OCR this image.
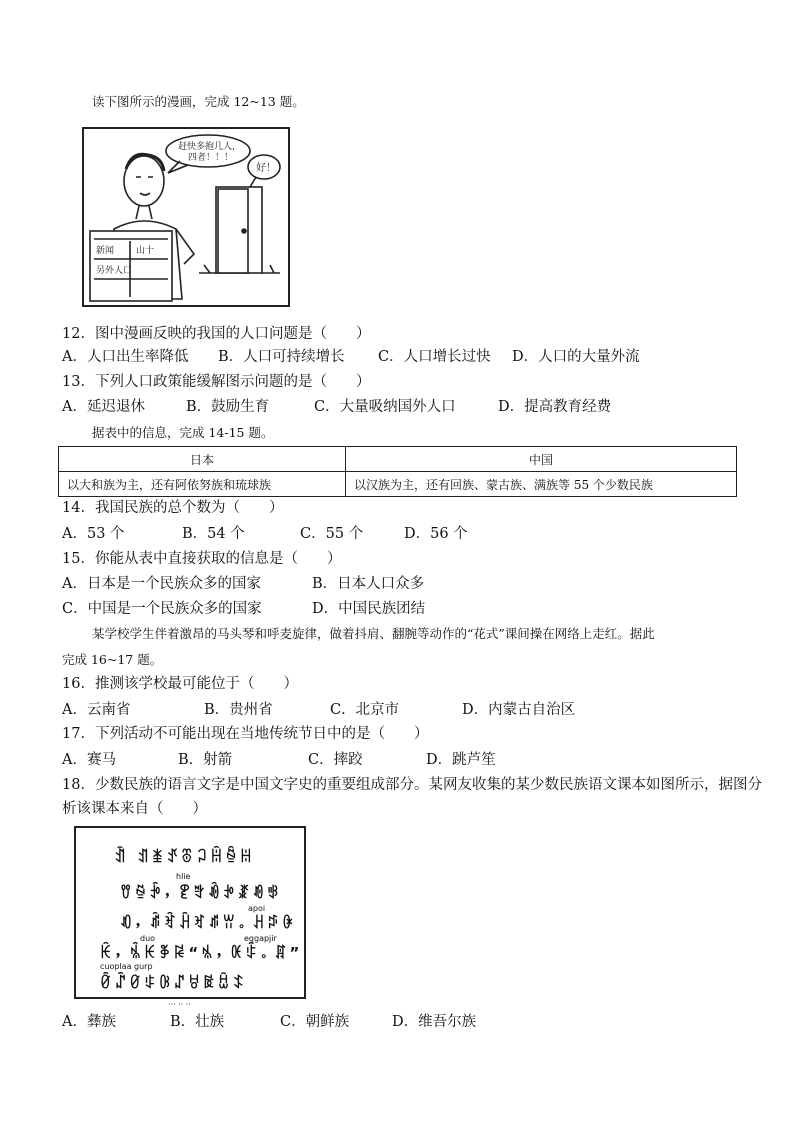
读下图所示的漫画，完成 12~13 题。
赶快多抱几人，
四者！！！
好！
新闻 山十
另外人口
12．图中漫画反映的我国的人口问题是（　　）
A．人口出生率降低 B．人口可持续增长 C．人口增长过快 D．人口的大量外流
13．下列人口政策能缓解图示问题的是（　　）
A．延迟退休	B．鼓励生育	C．大量吸纳国外人口	D．提高教育经费
据表中的信息，完成 14-15 题。
日本	中国
以大和族为主，还有阿依努族和琉球族	以汉族为主，还有回族、蒙古族、满族等 55 个少数民族
14．我国民族的总个数为（　　）
A．53 个	B．54 个	C．55 个	D．56 个
15．你能从表中直接获取的信息是（　　）
A．日本是一个民族众多的国家	B．日本人口众多
C．中国是一个民族众多的国家	D．中国民族团结
某学校学生伴着激昂的马头琴和呼麦旋律，做着抖肩、翻腕等动作的“花式”课间操在网络上走红。据此
完成 16~17 题。
16．推测该学校最可能位于（　　）
A．云南省	B．贵州省	C．北京市	D．内蒙古自治区
17．下列活动不可能出现在当地传统节日中的是（　　）
A．赛马	B．射箭	C．摔跤	D．跳芦笙
18．少数民族的语言文字是中国文字史的重要组成部分。某网友收集的某少数民族语文课本如图所示，据图分
析该课本来自（　　）
ꀉ ꀊꁧꀋꁨꃀꀌꁩꀍ
hlie
ꀎꁪꃁ，ꀏꁫꀐꃂꁬꀑꃃ
apoi
ꀒ，ꁭꀓꃄꀔꁮꀕ。ꃅꁯꀖ
duo	eggapjir
ꀗ，ꁰꀘꃆꀙ“ꁱ，ꀚꃇ。ꁲ”
cuoplaa gurp
ꀛꁳꀜꃈꀝꁴꀞꃉꀟꁵ
··· ·· ··
A．彝族	B．壮族	C．朝鲜族	D．维吾尔族
